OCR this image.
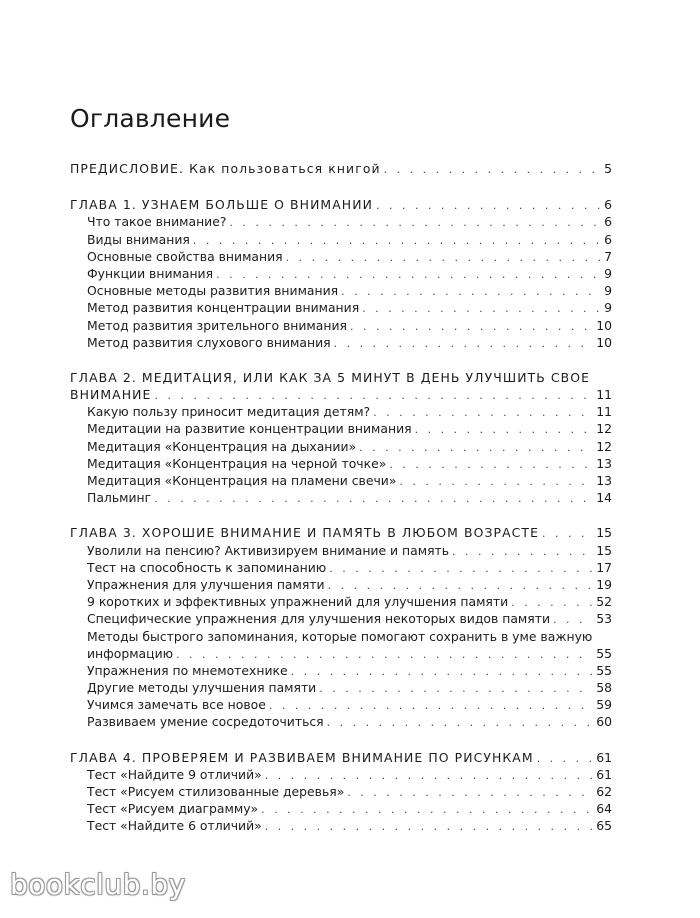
Оглавление
ПРЕДИСЛОВИЕ. Как пользоваться книгой . . .	5
ГЛАВА 1. УЗНАЕМ БОЛЬШЕ О ВНИМАНИИ . . .	6
Что такое внимание? . . .	6
Виды внимания . . .	6
Основные свойства внимания . . .	7
Функции внимания . . .	9
Основные методы развития внимания . . .	9
Метод развития концентрации внимания . . .	9
Метод развития зрительного внимания . . .	10
Метод развития слухового внимания . . .	10
ГЛАВА 2. МЕДИТАЦИЯ, ИЛИ КАК ЗА 5 МИНУТ В ДЕНЬ УЛУЧШИТЬ СВОЕ
ВНИМАНИЕ . . .	11
Какую пользу приносит медитация детям? . . .	11
Медитации на развитие концентрации внимания . . .	12
Медитация «Концентрация на дыхании» . . .	12
Медитация «Концентрация на черной точке» . . .	13
Медитация «Концентрация на пламени свечи» . . .	13
Пальминг . . .	14
ГЛАВА 3. ХОРОШИЕ ВНИМАНИЕ И ПАМЯТЬ В ЛЮБОМ ВОЗРАСТЕ . . .	15
Уволили на пенсию? Активизируем внимание и память . . .	15
Тест на способность к запоминанию . . .	17
Упражнения для улучшения памяти . . .	19
9 коротких и эффективных упражнений для улучшения памяти . . .	52
Специфические упражнения для улучшения некоторых видов памяти . . .	53
Методы быстрого запоминания, которые помогают сохранить в уме важную
информацию . . .	55
Упражнения по мнемотехнике . . .	55
Другие методы улучшения памяти . . .	58
Учимся замечать все новое . . .	59
Развиваем умение сосредоточиться . . .	60
ГЛАВА 4. ПРОВЕРЯЕМ И РАЗВИВАЕМ ВНИМАНИЕ ПО РИСУНКАМ . . .	61
Тест «Найдите 9 отличий» . . .	61
Тест «Рисуем стилизованные деревья» . . .	62
Тест «Рисуем диаграмму» . . .	64
Тест «Найдите 6 отличий» . . .	65
bookclub.by
